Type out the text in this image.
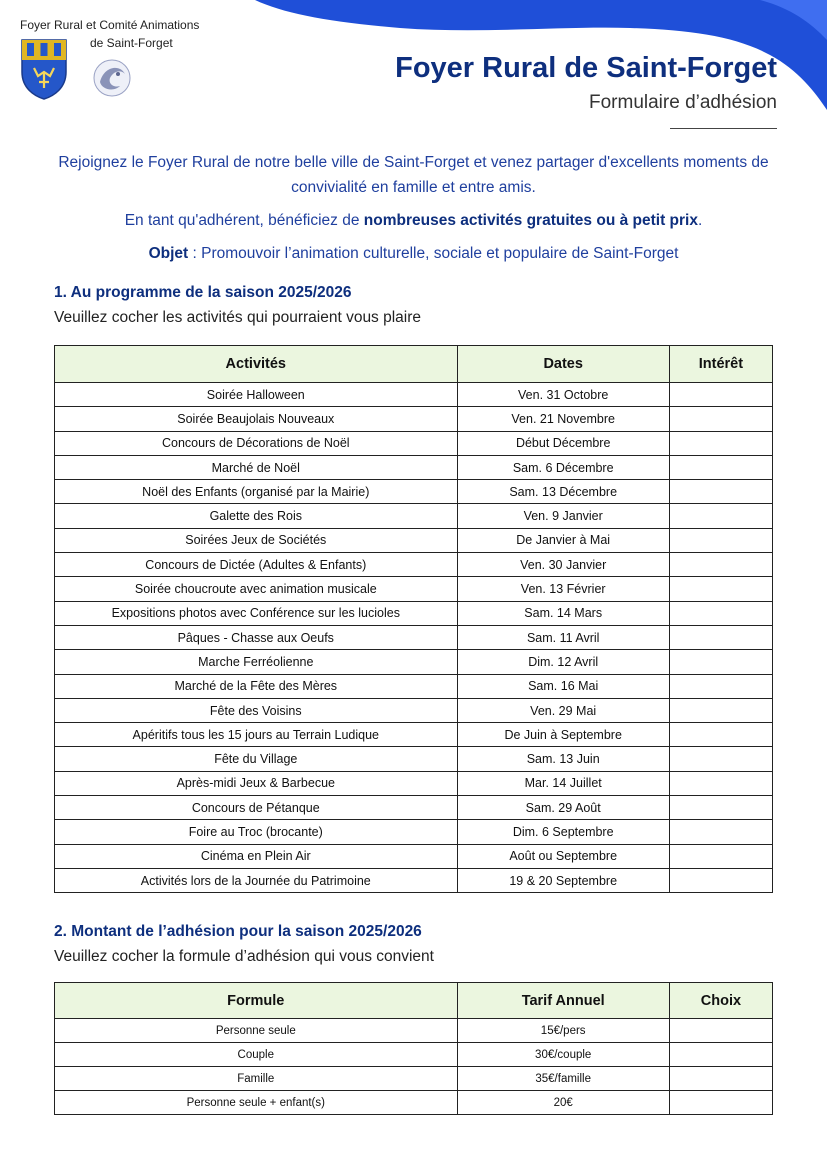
Foyer Rural et Comité Animations
de Saint-Forget
Foyer Rural de Saint-Forget
Formulaire d’adhésion

Rejoignez le Foyer Rural de notre belle ville de Saint-Forget et venez partager d'excellents moments de convivialité en famille et entre amis.

En tant qu'adhérent, bénéficiez de nombreuses activités gratuites ou à petit prix.

Objet : Promouvoir l’animation culturelle, sociale et populaire de Saint-Forget

1. Au programme de la saison 2025/2026
Veuillez cocher les activités qui pourraient vous plaire
Activités	Dates	Intérêt
Soirée Halloween	Ven. 31 Octobre	
Soirée Beaujolais Nouveaux	Ven. 21 Novembre	
Concours de Décorations de Noël	Début Décembre	
Marché de Noël	Sam. 6 Décembre	
Noël des Enfants (organisé par la Mairie)	Sam. 13 Décembre	
Galette des Rois	Ven. 9 Janvier	
Soirées Jeux de Sociétés	De Janvier à Mai	
Concours de Dictée (Adultes & Enfants)	Ven. 30 Janvier	
Soirée choucroute avec animation musicale	Ven. 13 Février	
Expositions photos avec Conférence sur les lucioles	Sam. 14 Mars	
Pâques - Chasse aux Oeufs	Sam. 11 Avril	
Marche Ferréolienne	Dim. 12 Avril	
Marché de la Fête des Mères	Sam. 16 Mai	
Fête des Voisins	Ven. 29 Mai	
Apéritifs tous les 15 jours au Terrain Ludique	De Juin à Septembre	
Fête du Village	Sam. 13 Juin	
Après-midi Jeux & Barbecue	Mar. 14 Juillet	
Concours de Pétanque	Sam. 29 Août	
Foire au Troc (brocante)	Dim. 6 Septembre	
Cinéma en Plein Air	Août ou Septembre	
Activités lors de la Journée du Patrimoine	19 & 20 Septembre	
2. Montant de l’adhésion pour la saison 2025/2026
Veuillez cocher la formule d’adhésion qui vous convient
Formule	Tarif Annuel	Choix
Personne seule	15€/pers	
Couple	30€/couple	
Famille	35€/famille	
Personne seule + enfant(s)	20€	
